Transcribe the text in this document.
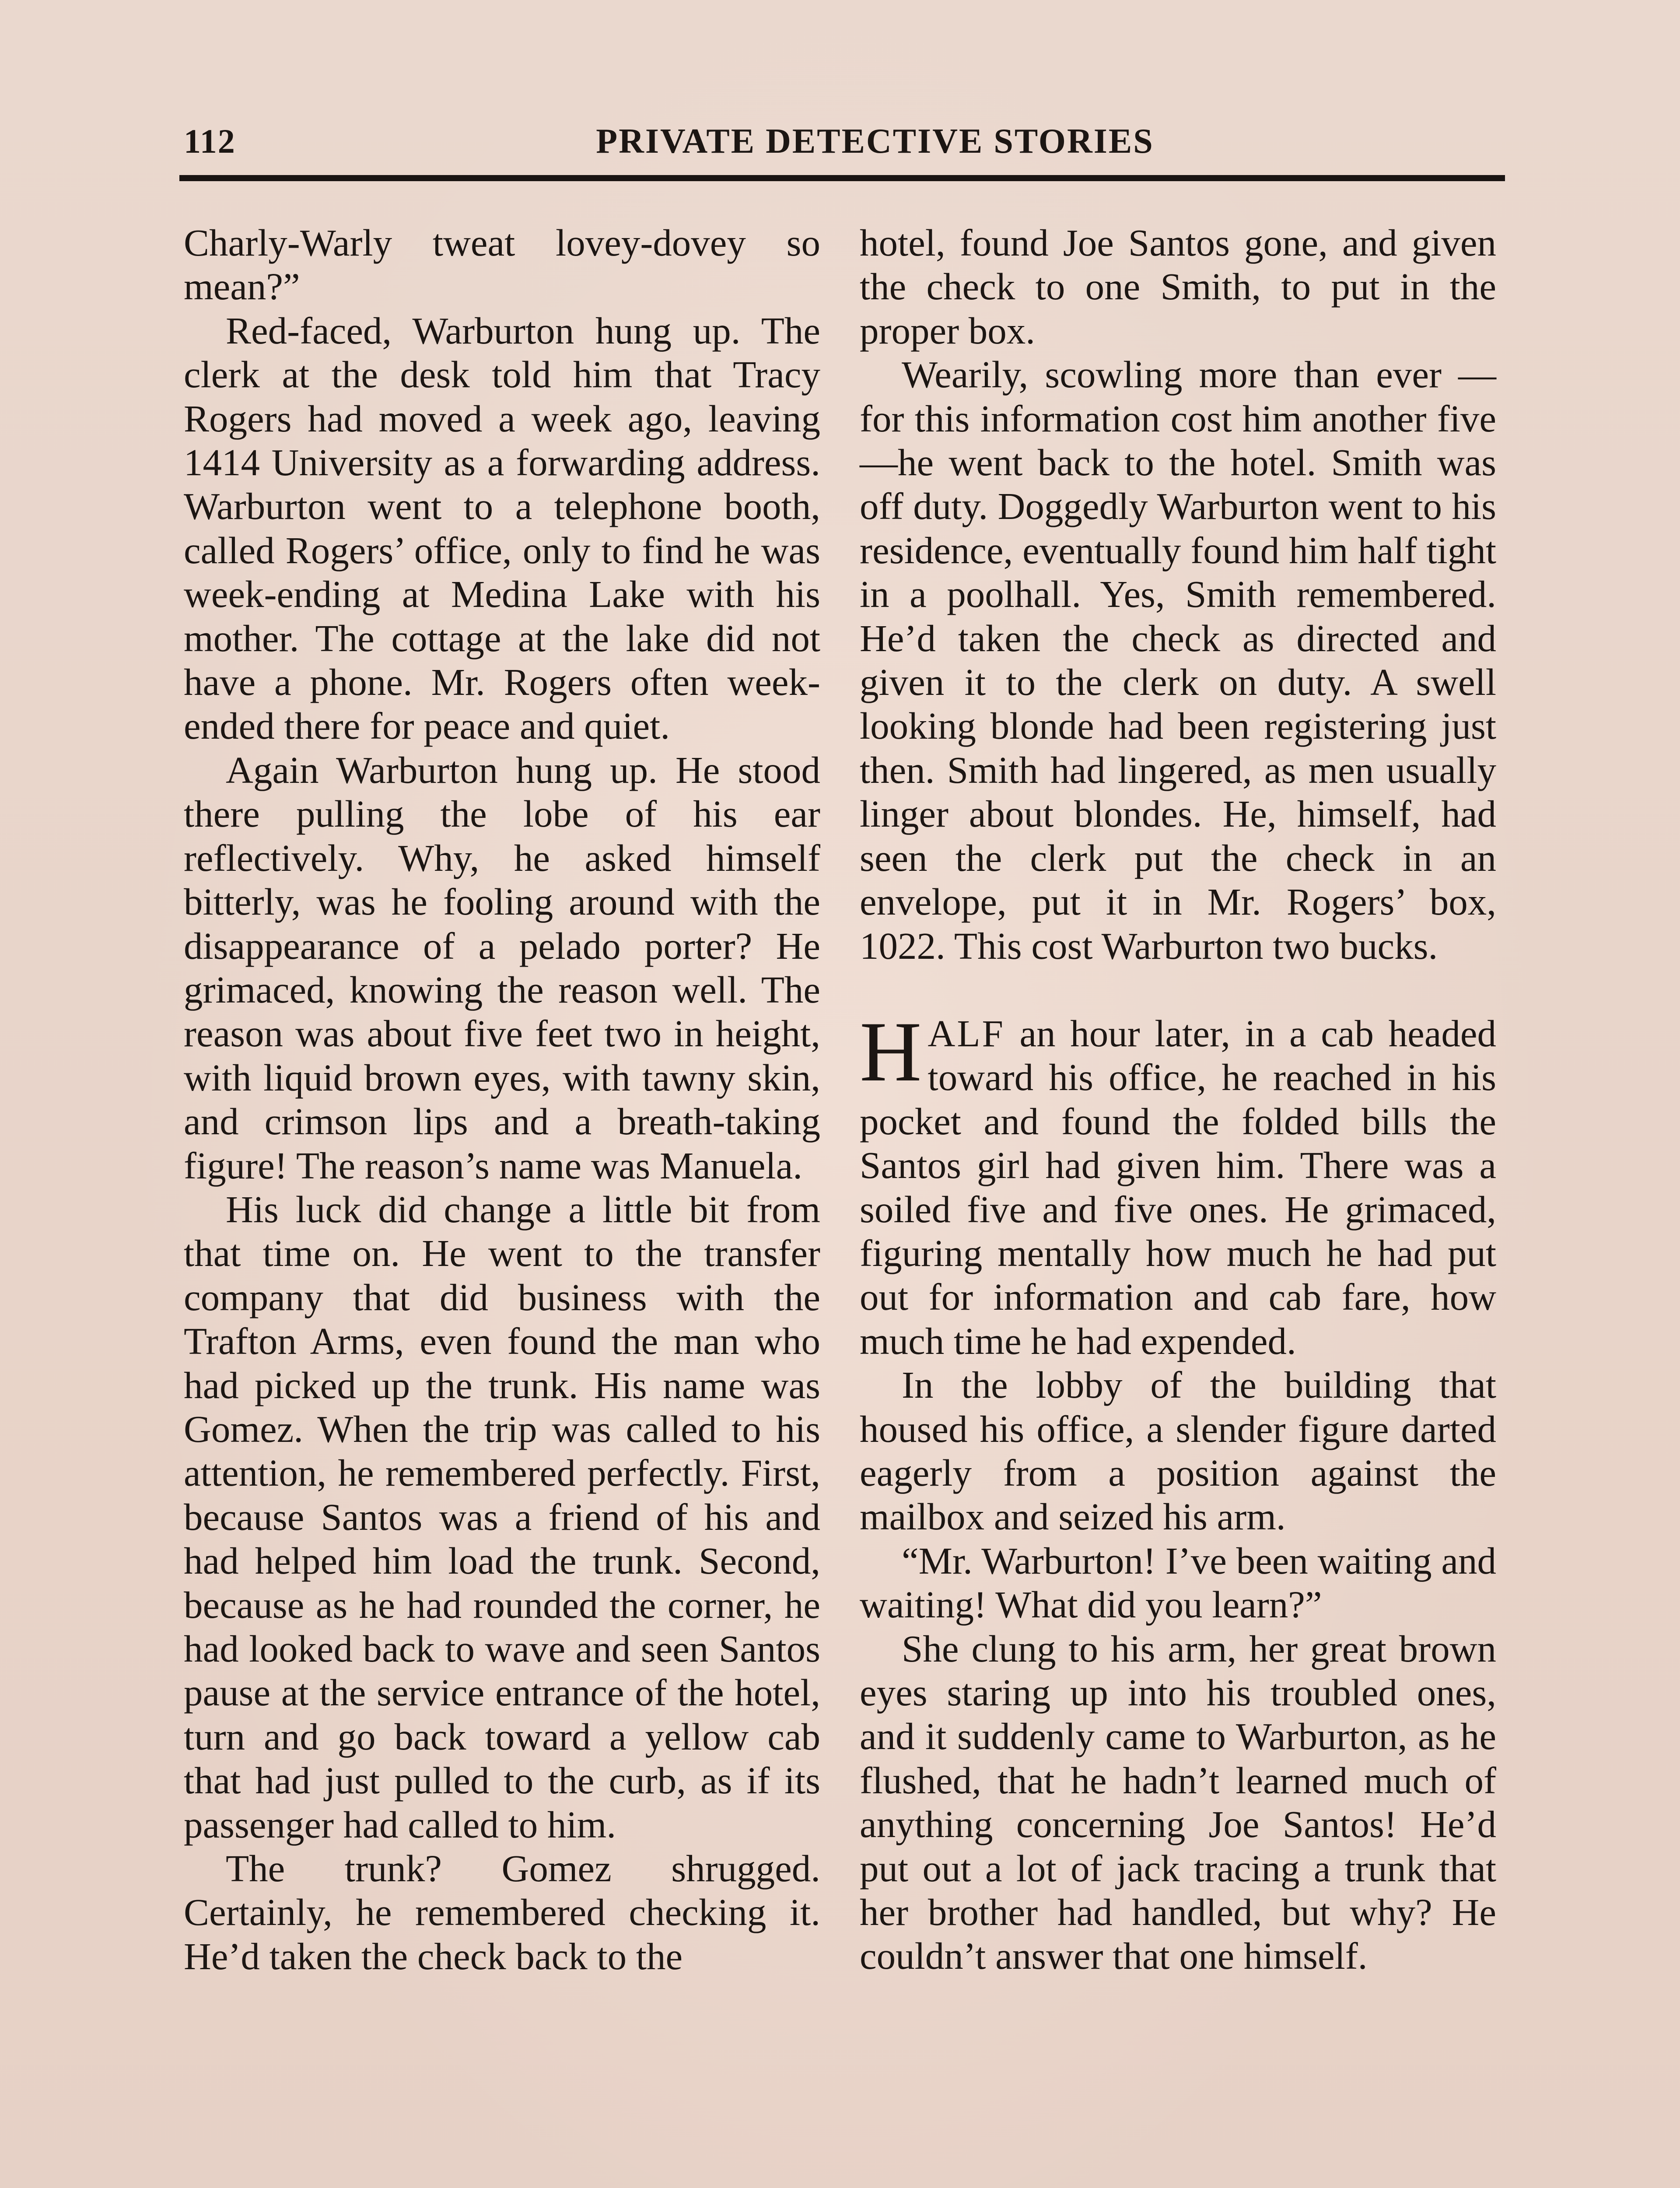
112	PRIVATE DETECTIVE STORIES

Charly-Warly tweat lovey-dovey so mean?”

Red-faced, Warburton hung up. The clerk at the desk told him that Tracy Rogers had moved a week ago, leaving 1414 University as a forwarding address. Warburton went to a telephone booth, called Rogers’ office, only to find he was week-ending at Medina Lake with his mother. The cottage at the lake did not have a phone. Mr. Rogers often week-ended there for peace and quiet.

Again Warburton hung up. He stood there pulling the lobe of his ear reflectively. Why, he asked himself bitterly, was he fooling around with the disappearance of a pelado porter? He grimaced, knowing the reason well. The reason was about five feet two in height, with liquid brown eyes, with tawny skin, and crimson lips and a breath-taking figure! The reason’s name was Manuela.

His luck did change a little bit from that time on. He went to the transfer company that did business with the Trafton Arms, even found the man who had picked up the trunk. His name was Gomez. When the trip was called to his attention, he remembered perfectly. First, because Santos was a friend of his and had helped him load the trunk. Second, because as he had rounded the corner, he had looked back to wave and seen Santos pause at the service entrance of the hotel, turn and go back toward a yellow cab that had just pulled to the curb, as if its passenger had called to him.

The trunk? Gomez shrugged. Certainly, he remembered checking it. He’d taken the check back to the

hotel, found Joe Santos gone, and given the check to one Smith, to put in the proper box.

Wearily, scowling more than ever —for this information cost him another five—he went back to the hotel. Smith was off duty. Doggedly Warburton went to his residence, eventually found him half tight in a poolhall. Yes, Smith remembered. He’d taken the check as directed and given it to the clerk on duty. A swell looking blonde had been registering just then. Smith had lingered, as men usually linger about blondes. He, himself, had seen the clerk put the check in an envelope, put it in Mr. Rogers’ box, 1022. This cost Warburton two bucks.

HALF an hour later, in a cab headed toward his office, he reached in his pocket and found the folded bills the Santos girl had given him. There was a soiled five and five ones. He grimaced, figuring mentally how much he had put out for information and cab fare, how much time he had expended.

In the lobby of the building that housed his office, a slender figure darted eagerly from a position against the mailbox and seized his arm.

“Mr. Warburton! I’ve been waiting and waiting! What did you learn?”

She clung to his arm, her great brown eyes staring up into his troubled ones, and it suddenly came to Warburton, as he flushed, that he hadn’t learned much of anything concerning Joe Santos! He’d put out a lot of jack tracing a trunk that her brother had handled, but why? He couldn’t answer that one himself.
